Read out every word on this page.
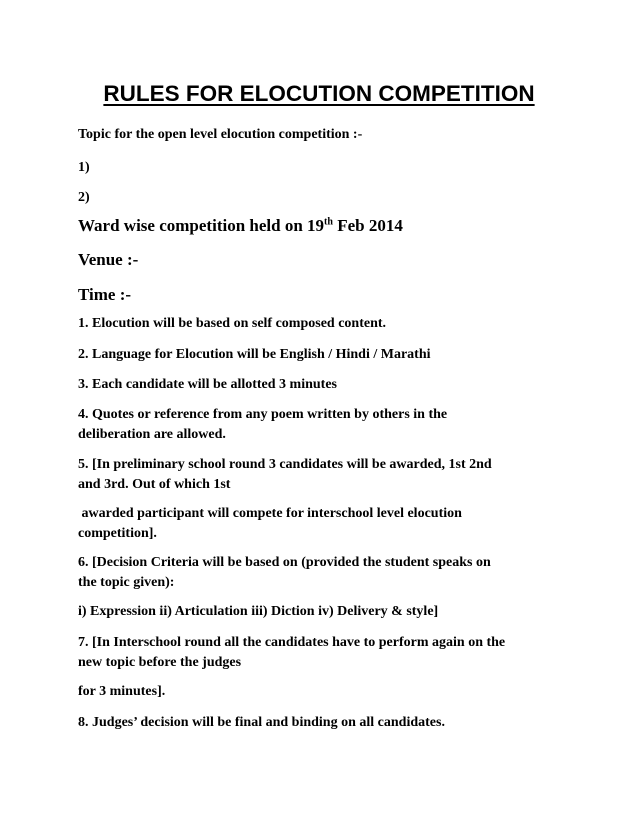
RULES FOR ELOCUTION COMPETITION
Topic for the open level elocution competition :-
1)
2)
Ward wise competition held on 19th Feb 2014
Venue :-
Time :-
1. Elocution will be based on self composed content.
2. Language for Elocution will be English / Hindi / Marathi
3. Each candidate will be allotted 3 minutes
4. Quotes or reference from any poem written by others in the
deliberation are allowed.
5. [In preliminary school round 3 candidates will be awarded, 1st 2nd
and 3rd. Out of which 1st
awarded participant will compete for interschool level elocution
competition].
6. [Decision Criteria will be based on (provided the student speaks on
the topic given):
i) Expression ii) Articulation iii) Diction iv) Delivery & style]
7. [In Interschool round all the candidates have to perform again on the
new topic before the judges
for 3 minutes].
8. Judges’ decision will be final and binding on all candidates.
